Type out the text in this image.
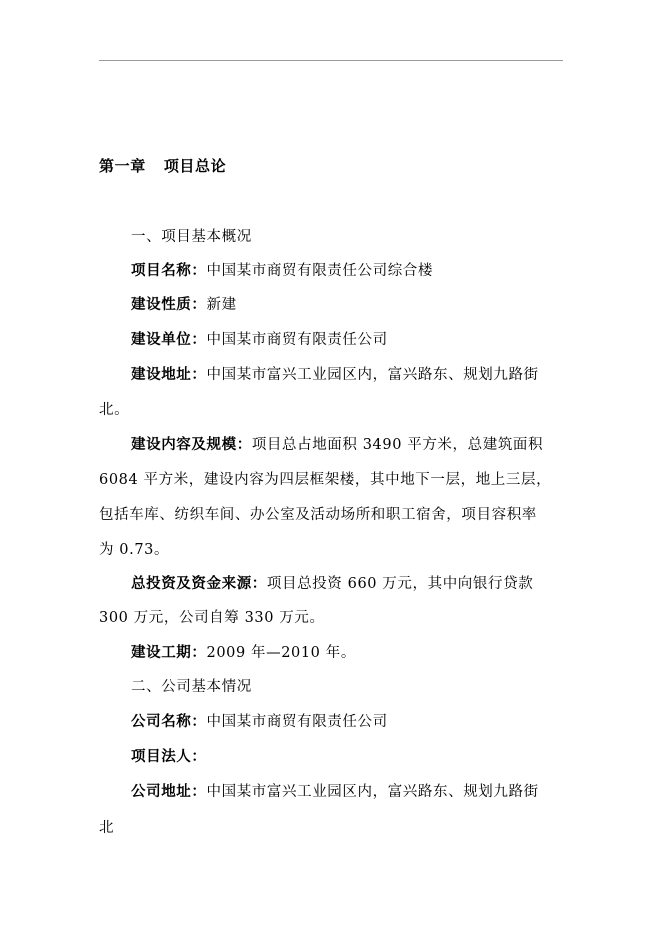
第一章 项目总论
一、项目基本概况
项目名称：中国某市商贸有限责任公司综合楼
建设性质：新建
建设单位：中国某市商贸有限责任公司
建设地址：中国某市富兴工业园区内，富兴路东、规划九路街
北。
建设内容及规模：项目总占地面积 3490 平方米，总建筑面积
6084 平方米，建设内容为四层框架楼，其中地下一层，地上三层，
包括车库、纺织车间、办公室及活动场所和职工宿舍，项目容积率
为 0.73。
总投资及资金来源：项目总投资 660 万元，其中向银行贷款
300 万元，公司自筹 330 万元。
建设工期：2009 年—2010 年。
二、公司基本情况
公司名称：中国某市商贸有限责任公司
项目法人：
公司地址：中国某市富兴工业园区内，富兴路东、规划九路街
北
